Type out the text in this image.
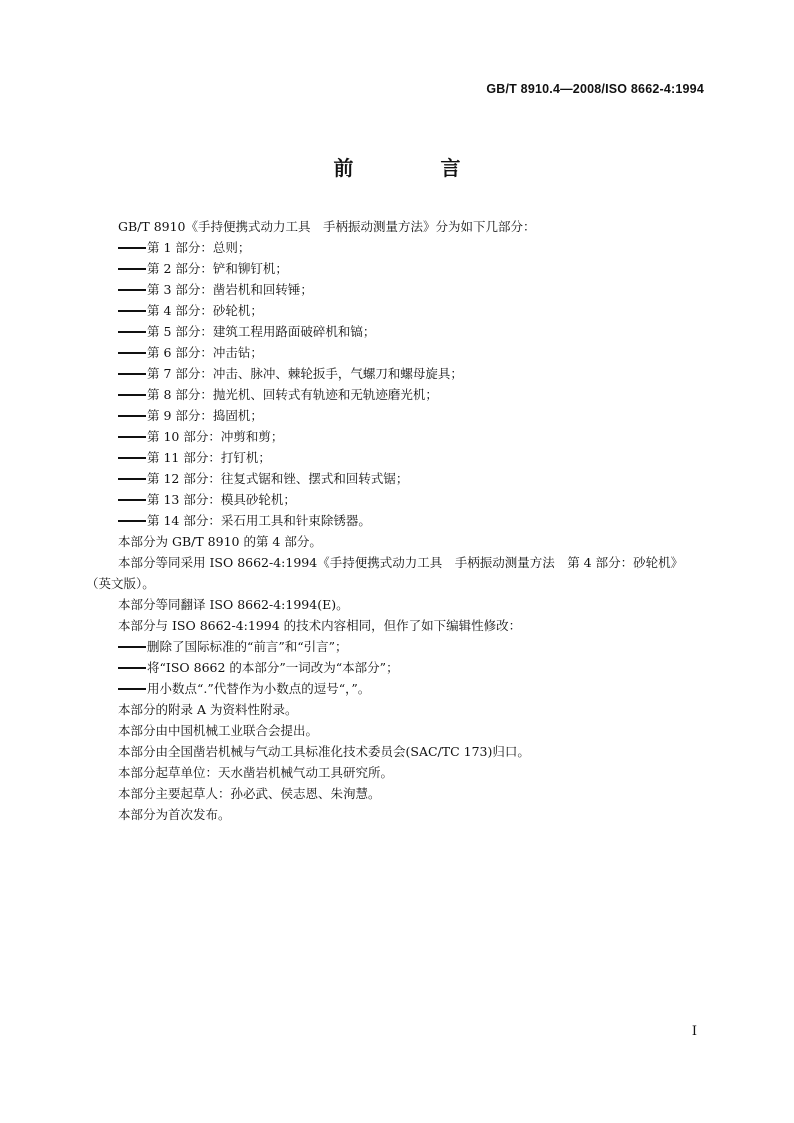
GB/T 8910.4—2008/ISO 8662-4:1994
前 言

GB/T 8910《手持便携式动力工具　手柄振动测量方法》分为如下几部分：

第 1 部分：总则；

第 2 部分：铲和铆钉机；

第 3 部分：凿岩机和回转锤；

第 4 部分：砂轮机；

第 5 部分：建筑工程用路面破碎机和镐；

第 6 部分：冲击钻；

第 7 部分：冲击、脉冲、棘轮扳手，气螺刀和螺母旋具；

第 8 部分：抛光机、回转式有轨迹和无轨迹磨光机；

第 9 部分：捣固机；

第 10 部分：冲剪和剪；

第 11 部分：打钉机；

第 12 部分：往复式锯和锉、摆式和回转式锯；

第 13 部分：模具砂轮机；

第 14 部分：采石用工具和针束除锈器。

本部分为 GB/T 8910 的第 4 部分。

本部分等同采用 ISO 8662-4:1994《手持便携式动力工具　手柄振动测量方法　第 4 部分：砂轮机》

（英文版）。

本部分等同翻译 ISO 8662-4:1994(E)。

本部分与 ISO 8662-4:1994 的技术内容相同，但作了如下编辑性修改：

删除了国际标准的“前言”和“引言”；

将“ISO 8662 的本部分”一词改为“本部分”；

用小数点“.”代替作为小数点的逗号“，”。

本部分的附录 A 为资料性附录。

本部分由中国机械工业联合会提出。

本部分由全国凿岩机械与气动工具标准化技术委员会(SAC/TC 173)归口。

本部分起草单位：天水凿岩机械气动工具研究所。

本部分主要起草人：孙必武、侯志恩、朱洵慧。

本部分为首次发布。

I
